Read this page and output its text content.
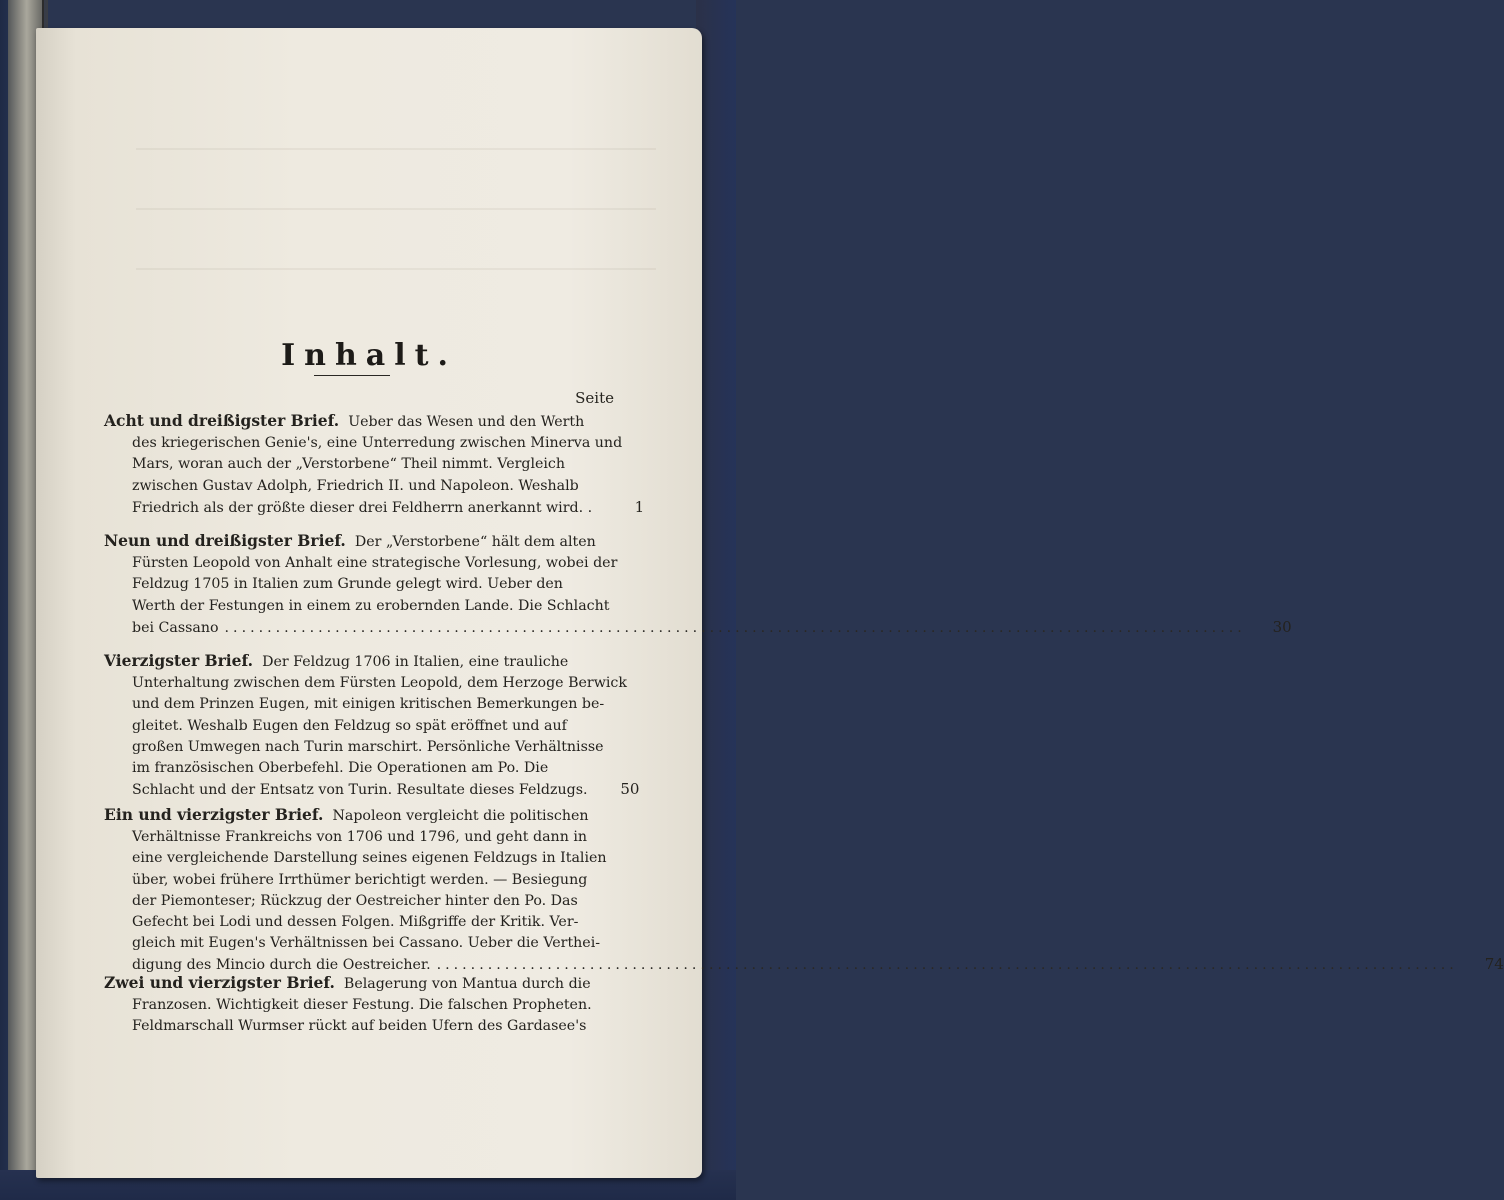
Inhalt.
Seite
Acht und dreißigster Brief. Ueber das Wesen und den Werth
des kriegerischen Genie's, eine Unterredung zwischen Minerva und
Mars, woran auch der „Verstorbene“ Theil nimmt. Vergleich
zwischen Gustav Adolph, Friedrich II. und Napoleon. Weshalb
Friedrich als der größte dieser drei Feldherrn anerkannt wird. .	1
Neun und dreißigster Brief. Der „Verstorbene“ hält dem alten
Fürsten Leopold von Anhalt eine strategische Vorlesung, wobei der
Feldzug 1705 in Italien zum Grunde gelegt wird. Ueber den
Werth der Festungen in einem zu erobernden Lande. Die Schlacht
bei Cassano ........................................................................................................................	30
Vierzigster Brief. Der Feldzug 1706 in Italien, eine trauliche
Unterhaltung zwischen dem Fürsten Leopold, dem Herzoge Berwick
und dem Prinzen Eugen, mit einigen kritischen Bemerkungen be-
gleitet. Weshalb Eugen den Feldzug so spät eröffnet und auf
großen Umwegen nach Turin marschirt. Persönliche Verhältnisse
im französischen Oberbefehl. Die Operationen am Po. Die
Schlacht und der Entsatz von Turin. Resultate dieses Feldzugs.	50
Ein und vierzigster Brief. Napoleon vergleicht die politischen
Verhältnisse Frankreichs von 1706 und 1796, und geht dann in
eine vergleichende Darstellung seines eigenen Feldzugs in Italien
über, wobei frühere Irrthümer berichtigt werden. — Besiegung
der Piemonteser; Rückzug der Oestreicher hinter den Po. Das
Gefecht bei Lodi und dessen Folgen. Mißgriffe der Kritik. Ver-
gleich mit Eugen's Verhältnissen bei Cassano. Ueber die Verthei-
digung des Mincio durch die Oestreicher. ........................................................................................................................	74
Zwei und vierzigster Brief. Belagerung von Mantua durch die
Franzosen. Wichtigkeit dieser Festung. Die falschen Propheten.
Feldmarschall Wurmser rückt auf beiden Ufern des Gardasee's
